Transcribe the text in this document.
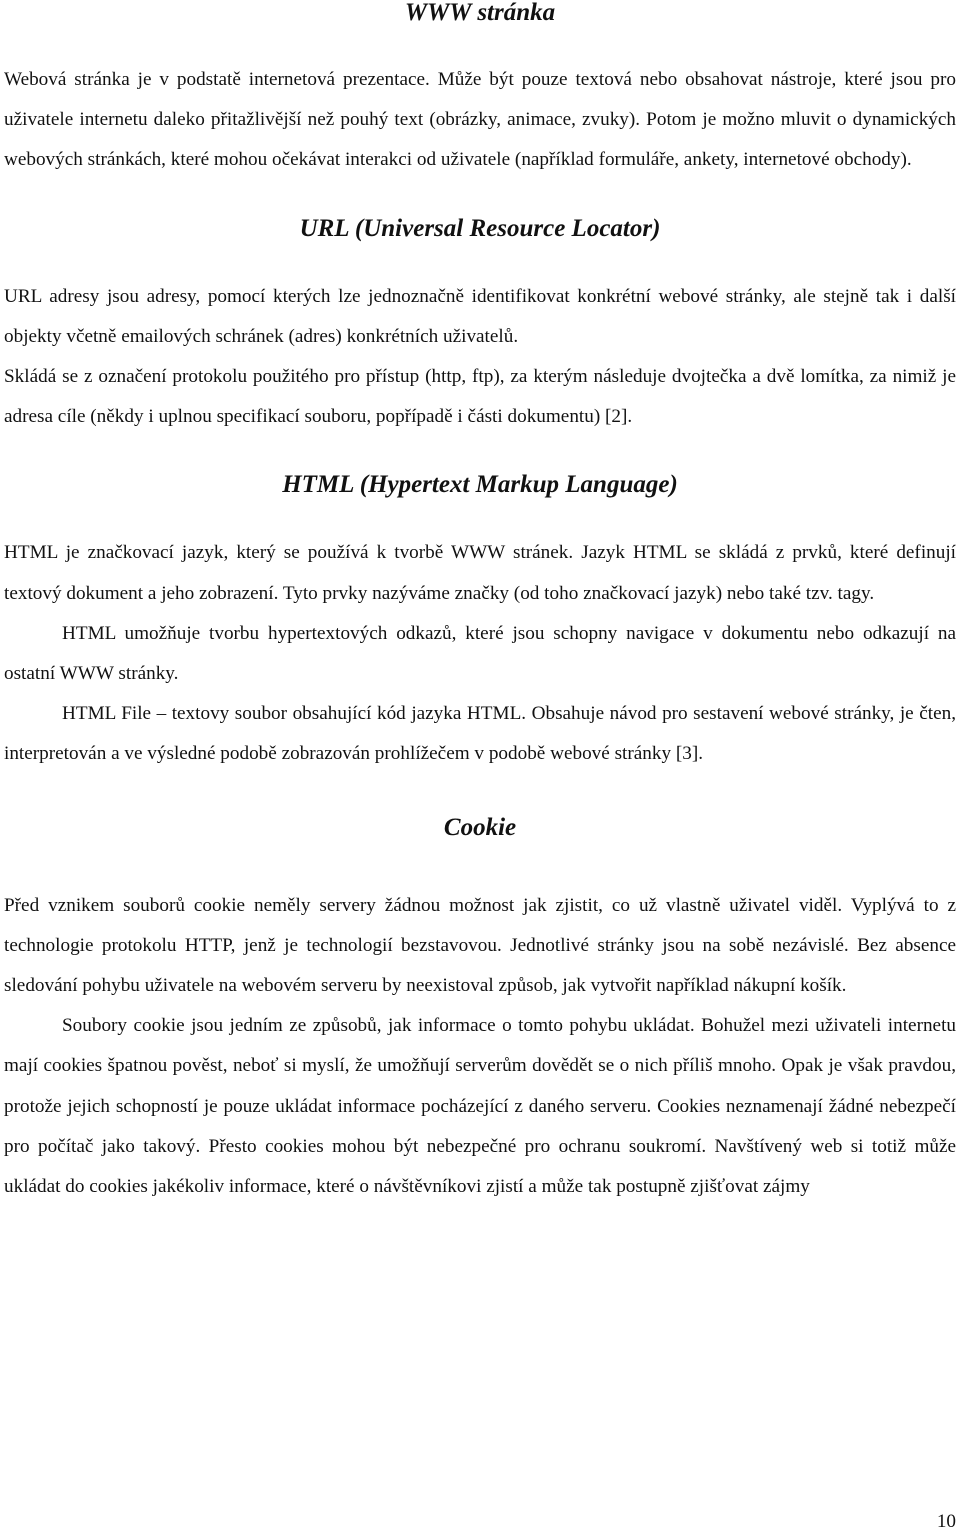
WWW stránka

Webová stránka je v podstatě internetová prezentace. Může být pouze textová nebo obsahovat nástroje, které jsou pro uživatele internetu daleko přitažlivější než pouhý text (obrázky, animace, zvuky). Potom je možno mluvit o dynamických webových stránkách, které mohou očekávat interakci od uživatele (například formuláře, ankety, internetové obchody).

URL (Universal Resource Locator)

URL adresy jsou adresy, pomocí kterých lze jednoznačně identifikovat konkrétní webové stránky, ale stejně tak i další objekty včetně emailových schránek (adres) konkrétních uživatelů.

Skládá se z označení protokolu použitého pro přístup (http, ftp), za kterým následuje dvojtečka a dvě lomítka, za nimiž je adresa cíle (někdy i uplnou specifikací souboru, popřípadě i části dokumentu) [2].

HTML (Hypertext Markup Language)

HTML je značkovací jazyk, který se používá k tvorbě WWW stránek. Jazyk HTML se skládá z prvků, které definují textový dokument a jeho zobrazení. Tyto prvky nazýváme značky (od toho značkovací jazyk) nebo také tzv. tagy.

HTML umožňuje tvorbu hypertextových odkazů, které jsou schopny navigace v dokumentu nebo odkazují na ostatní WWW stránky.

HTML File – textovy soubor obsahující kód jazyka HTML. Obsahuje návod pro sestavení webové stránky, je čten, interpretován a ve výsledné podobě zobrazován prohlížečem v podobě webové stránky [3].

Cookie

Před vznikem souborů cookie neměly servery žádnou možnost jak zjistit, co už vlastně uživatel viděl. Vyplývá to z technologie protokolu HTTP, jenž je technologií bezstavovou. Jednotlivé stránky jsou na sobě nezávislé. Bez absence sledování pohybu uživatele na webovém serveru by neexistoval způsob, jak vytvořit například nákupní košík.

Soubory cookie jsou jedním ze způsobů, jak informace o tomto pohybu ukládat. Bohužel mezi uživateli internetu mají cookies špatnou pověst, neboť si myslí, že umožňují serverům dovědět se o nich příliš mnoho. Opak je však pravdou, protože jejich schopností je pouze ukládat informace pocházející z daného serveru. Cookies neznamenají žádné nebezpečí pro počítač jako takový. Přesto cookies mohou být nebezpečné pro ochranu soukromí. Navštívený web si totiž může ukládat do cookies jakékoliv informace, které o návštěvníkovi zjistí a může tak postupně zjišťovat zájmy

10
